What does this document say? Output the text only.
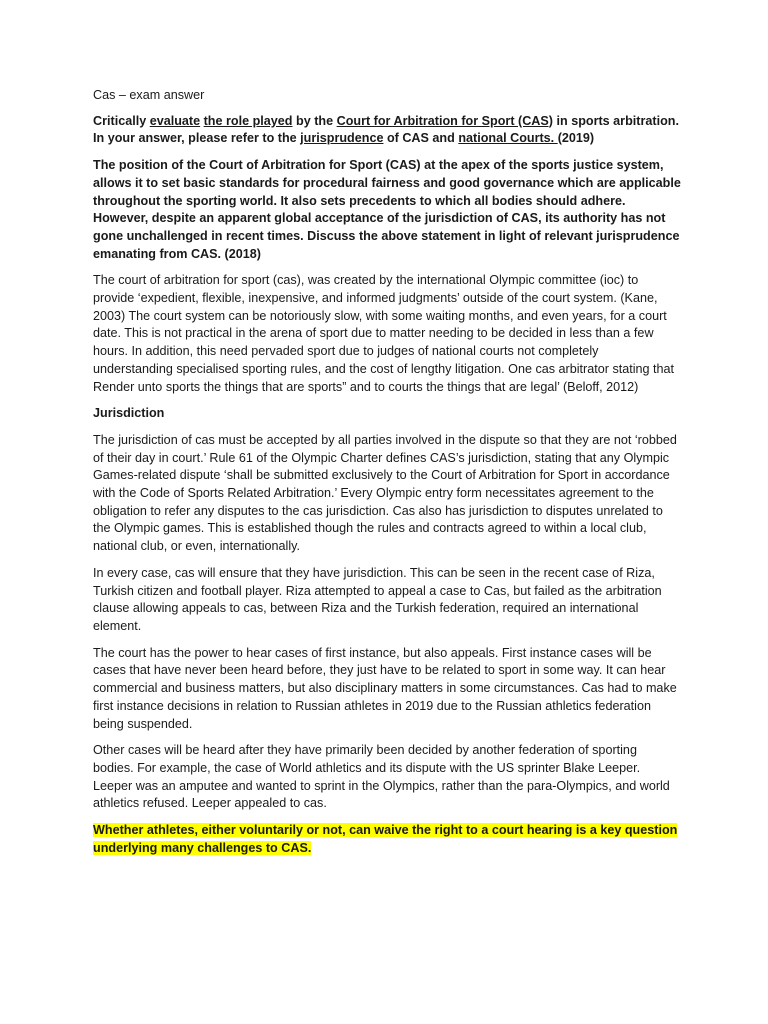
Cas – exam answer

Critically evaluate the role played by the Court for Arbitration for Sport (CAS) in sports arbitration. In your answer, please refer to the jurisprudence of CAS and national Courts. (2019)

The position of the Court of Arbitration for Sport (CAS) at the apex of the sports justice system, allows it to set basic standards for procedural fairness and good governance which are applicable throughout the sporting world. It also sets precedents to which all bodies should adhere. However, despite an apparent global acceptance of the jurisdiction of CAS, its authority has not gone unchallenged in recent times. Discuss the above statement in light of relevant jurisprudence emanating from CAS. (2018)

The court of arbitration for sport (cas), was created by the international Olympic committee (ioc) to provide ‘expedient, flexible, inexpensive, and informed judgments’ outside of the court system. (Kane, 2003) The court system can be notoriously slow, with some waiting months, and even years, for a court date. This is not practical in the arena of sport due to matter needing to be decided in less than a few hours. In addition, this need pervaded sport due to judges of national courts not completely understanding specialised sporting rules, and the cost of lengthy litigation. One cas arbitrator stating that Render unto sports the things that are sports” and to courts the things that are legal’ (Beloff, 2012)

Jurisdiction

The jurisdiction of cas must be accepted by all parties involved in the dispute so that they are not ‘robbed of their day in court.’ Rule 61 of the Olympic Charter defines CAS’s jurisdiction, stating that any Olympic Games-related dispute ‘shall be submitted exclusively to the Court of Arbitration for Sport in accordance with the Code of Sports Related Arbitration.’ Every Olympic entry form necessitates agreement to the obligation to refer any disputes to the cas jurisdiction. Cas also has jurisdiction to disputes unrelated to the Olympic games. This is established though the rules and contracts agreed to within a local club, national club, or even, internationally.

In every case, cas will ensure that they have jurisdiction. This can be seen in the recent case of Riza, Turkish citizen and football player. Riza attempted to appeal a case to Cas, but failed as the arbitration clause allowing appeals to cas, between Riza and the Turkish federation, required an international element.

The court has the power to hear cases of first instance, but also appeals. First instance cases will be cases that have never been heard before, they just have to be related to sport in some way. It can hear commercial and business matters, but also disciplinary matters in some circumstances. Cas had to make first instance decisions in relation to Russian athletes in 2019 due to the Russian athletics federation being suspended.

Other cases will be heard after they have primarily been decided by another federation of sporting bodies. For example, the case of World athletics and its dispute with the US sprinter Blake Leeper. Leeper was an amputee and wanted to sprint in the Olympics, rather than the para-Olympics, and world athletics refused. Leeper appealed to cas.

Whether athletes, either voluntarily or not, can waive the right to a court hearing is a key question underlying many challenges to CAS.
